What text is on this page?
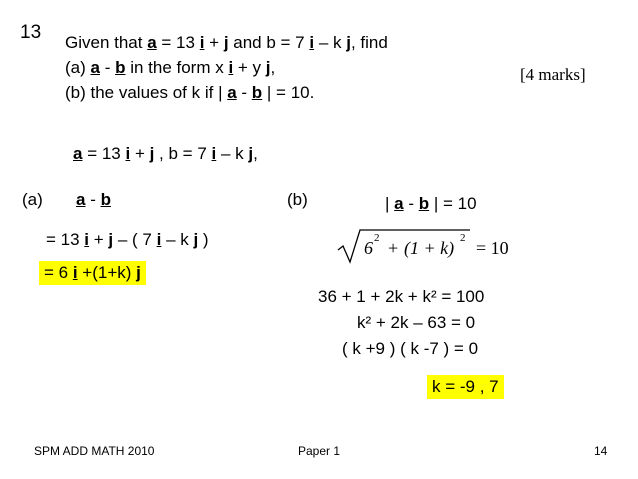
13 Given that a = 13 i + j and b = 7 i – k j, find
(a) a - b in the form x i + y j,	[4 marks]
(b) the values of k if | a - b | = 10.
a = 13 i + j , b = 7 i – k j,
(a) a - b
= 13 i + j – ( 7 i – k j )
= 6 i +(1+k) j
(b)	| a - b | = 10
6 2 + (1 + k) 2 = 10
36 + 1 + 2k + k² = 100
k² + 2k – 63 = 0
( k +9 ) ( k -7 ) = 0
k = -9 , 7
SPM ADD MATH 2010	Paper 1	14
